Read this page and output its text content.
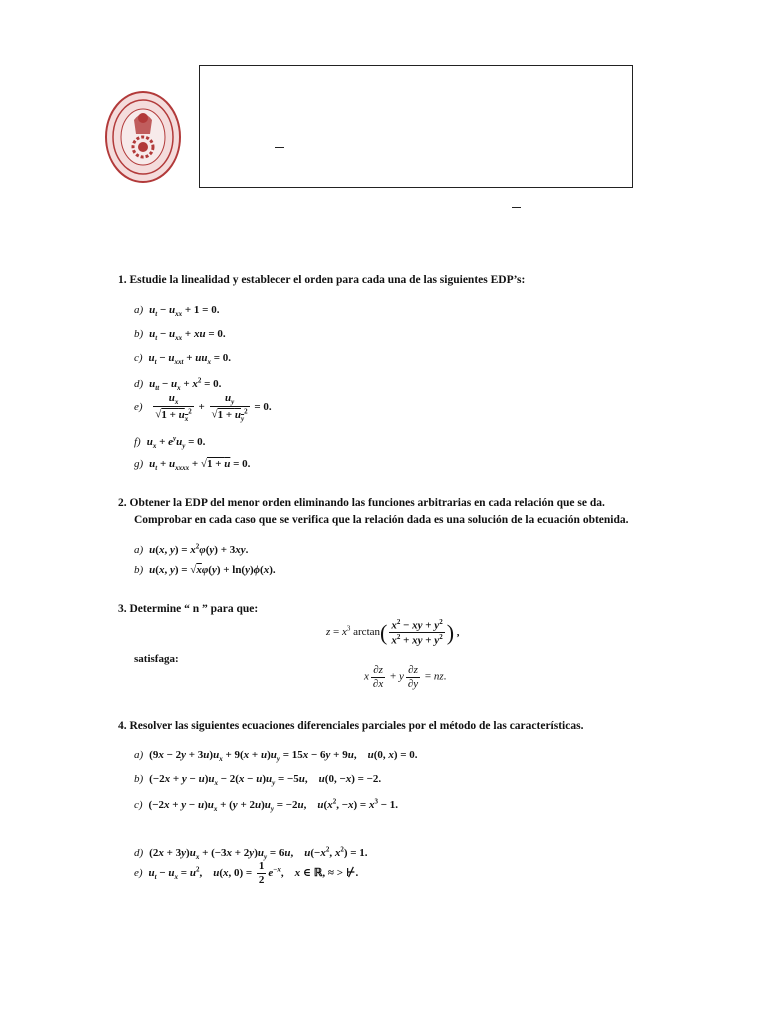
1. Estudie la linealidad y establecer el orden para cada una de las siguientes EDP’s:
a) $u_t - u_{xx} + 1 = 0$.
b) $u_t - u_{xx}$ + xu = 0.
c) $u_t - u_{xxt} + uu_x = 0$.
d) $u_{tt} - u_x + x^2 = 0$.
$e) \frac{u_x}{√1 + u_x^2} + \frac{u_y}{√1 + u_y^2} = 0$.
f) $u_x + e^yu_y = 0$.
g) $u_t + u_{xxxx} + √1 + u = 0$.
2. Obtener la EDP del menor orden eliminando las funciones arbitrarias en cada relación que se da.
Comprobar en cada caso que se verifica que la relación dada es una solución de la ecuación obtenida.
a) u(x, $y) = x^2\varphi(y) + 3xy$.
b) u(x, y) = √xφ(y) + ln(y)ϕ(x).
3. Determine “ n ” para que:
$z = x^3$ $\arctan( \frac{x^2 - xy + y^2}{x^2 + xy + y^2}$ ) ,
satisfaga:
x $\frac{\partial z}{\partial x} + y \frac{\partial z}{\partial y}$ = nz.
4. Resolver las siguientes ecuaciones diferenciales parciales por el método de las características.
a) $(9x - 2y + 3u)u_x + 9(x + u)u_y = 15x - 6y + 9u$,    u(0, x) = 0.
b) $(-2x + y - u)u_x - 2(x - u)u_y = -5u$,    u(0, −x) = −2.
c) $(-2x + y - u)u_x + (y + 2u)u_y = -2u$,    $u(x^2$, $-x) = x^3 - 1$.
d) $(2x + 3y)u_x + (-3x + 2y)u_y = 6u$,    $u(-x^2$, $x^2) = 1$.
e) $u_t - u_x = u^2$,    u(x, $0) = \frac{1}{2} e^{-x}$,    x ∈ ℝ, ≈ > ⊬.
